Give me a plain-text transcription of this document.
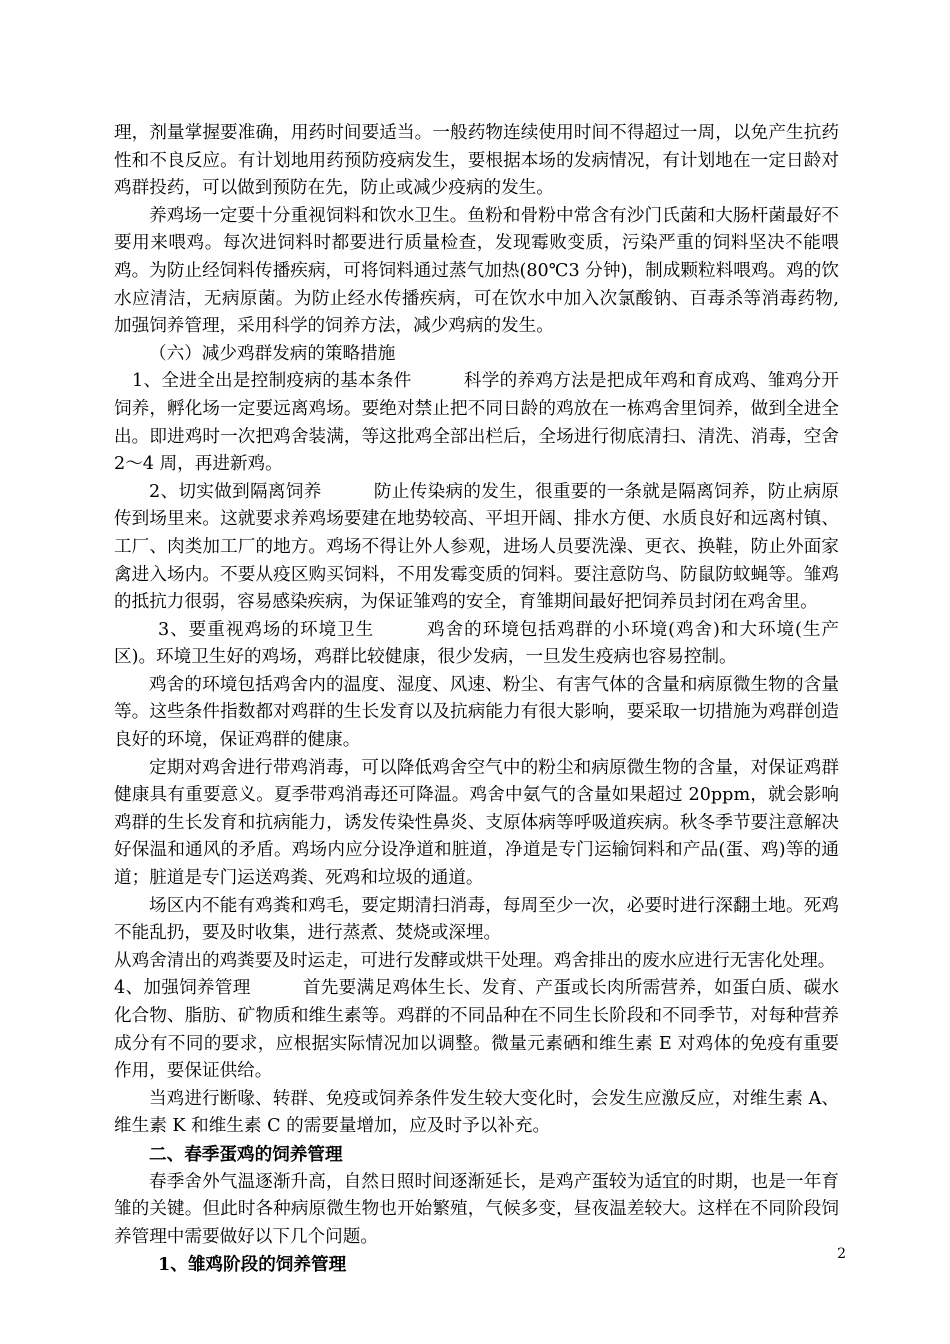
理，剂量掌握要准确，用药时间要适当。一般药物连续使用时间不得超过一周，以免产生抗药性和不良反应。有计划地用药预防疫病发生，要根据本场的发病情况，有计划地在一定日龄对鸡群投药，可以做到预防在先，防止或减少疫病的发生。

养鸡场一定要十分重视饲料和饮水卫生。鱼粉和骨粉中常含有沙门氏菌和大肠杆菌最好不要用来喂鸡。每次进饲料时都要进行质量检查，发现霉败变质，污染严重的饲料坚决不能喂鸡。为防止经饲料传播疾病，可将饲料通过蒸气加热(80℃3 分钟)，制成颗粒料喂鸡。鸡的饮水应清洁，无病原菌。为防止经水传播疾病，可在饮水中加入次氯酸钠、百毒杀等消毒药物,加强饲养管理，采用科学的饲养方法，减少鸡病的发生。

（六）减少鸡群发病的策略措施

1、全进全出是控制疫病的基本条件	科学的养鸡方法是把成年鸡和育成鸡、雏鸡分开饲养，孵化场一定要远离鸡场。要绝对禁止把不同日龄的鸡放在一栋鸡舍里饲养，做到全进全出。即进鸡时一次把鸡舍装满，等这批鸡全部出栏后，全场进行彻底清扫、清洗、消毒，空舍 2～4 周，再进新鸡。

2、切实做到隔离饲养	防止传染病的发生，很重要的一条就是隔离饲养，防止病原传到场里来。这就要求养鸡场要建在地势较高、平坦开阔、排水方便、水质良好和远离村镇、工厂、肉类加工厂的地方。鸡场不得让外人参观，进场人员要洗澡、更衣、换鞋，防止外面家禽进入场内。不要从疫区购买饲料，不用发霉变质的饲料。要注意防鸟、防鼠防蚊蝇等。雏鸡的抵抗力很弱，容易感染疾病，为保证雏鸡的安全，育雏期间最好把饲养员封闭在鸡舍里。

3、要重视鸡场的环境卫生	鸡舍的环境包括鸡群的小环境(鸡舍)和大环境(生产区)。环境卫生好的鸡场，鸡群比较健康，很少发病，一旦发生疫病也容易控制。

鸡舍的环境包括鸡舍内的温度、湿度、风速、粉尘、有害气体的含量和病原微生物的含量等。这些条件指数都对鸡群的生长发育以及抗病能力有很大影响，要采取一切措施为鸡群创造良好的环境，保证鸡群的健康。

定期对鸡舍进行带鸡消毒，可以降低鸡舍空气中的粉尘和病原微生物的含量，对保证鸡群健康具有重要意义。夏季带鸡消毒还可降温。鸡舍中氨气的含量如果超过 20ppm，就会影响鸡群的生长发育和抗病能力，诱发传染性鼻炎、支原体病等呼吸道疾病。秋冬季节要注意解决好保温和通风的矛盾。鸡场内应分设净道和脏道，净道是专门运输饲料和产品(蛋、鸡)等的通道；脏道是专门运送鸡粪、死鸡和垃圾的通道。

场区内不能有鸡粪和鸡毛，要定期清扫消毒，每周至少一次，必要时进行深翻土地。死鸡不能乱扔，要及时收集，进行蒸煮、焚烧或深埋。

从鸡舍清出的鸡粪要及时运走，可进行发酵或烘干处理。鸡舍排出的废水应进行无害化处理。

4、加强饲养管理	首先要满足鸡体生长、发育、产蛋或长肉所需营养，如蛋白质、碳水化合物、脂肪、矿物质和维生素等。鸡群的不同品种在不同生长阶段和不同季节，对每种营养成分有不同的要求，应根据实际情况加以调整。微量元素硒和维生素 E 对鸡体的免疫有重要作用，要保证供给。

当鸡进行断喙、转群、免疫或饲养条件发生较大变化时，会发生应激反应，对维生素 A、维生素 K 和维生素 C 的需要量增加，应及时予以补充。

二、春季蛋鸡的饲养管理

春季舍外气温逐渐升高，自然日照时间逐渐延长，是鸡产蛋较为适宜的时期，也是一年育雏的关键。但此时各种病原微生物也开始繁殖，气候多变，昼夜温差较大。这样在不同阶段饲养管理中需要做好以下几个问题。

1、雏鸡阶段的饲养管理

2
